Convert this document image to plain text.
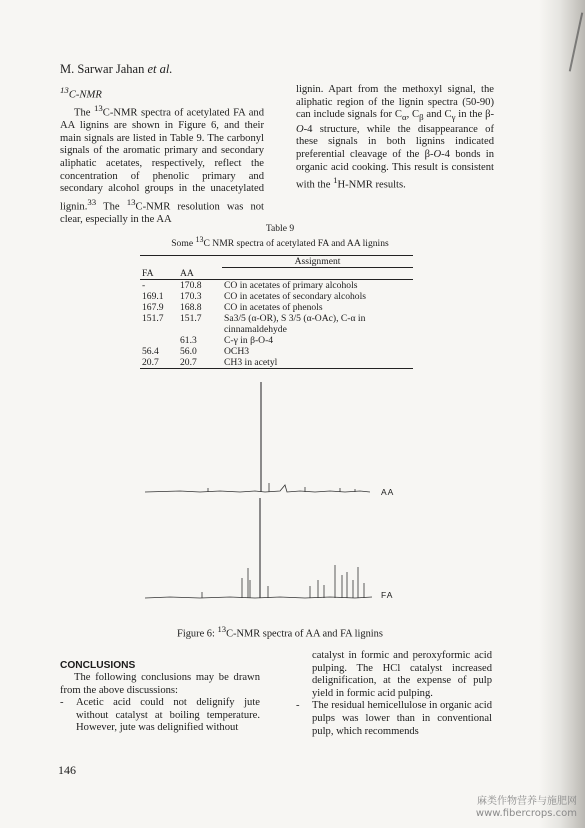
M. Sarwar Jahan et al.

$^{13}$C-NMR

The $^{13}$C-NMR spectra of acetylated FA and AA lignins are shown in Figure 6, and their main signals are listed in Table 9. The carbonyl signals of the aromatic primary and secondary aliphatic acetates, respectively, reflect the concentration of phenolic primary and secondary alcohol groups in the unacetylated lignin.$^{33}$ The $^{13}$C-NMR resolution was not clear, especially in the AA

lignin. Apart from the methoxyl signal, the aliphatic region of the lignin spectra (50-90) can include signals for $C_\alpha$, $C_\beta$ and $C_\gamma$ in the β-O-4 structure, while the disappearance of these signals in both lignins indicated preferential cleavage of the β-O-4 bonds in organic acid cooking. This result is consistent with the $^1$H-NMR results.

Table 9
Some $^{13}$C NMR spectra of acetylated FA and AA lignins
		Assignment
FA	AA	
-	170.8	CO in acetates of primary alcohols
169.1	170.3	CO in acetates of secondary alcohols
167.9	168.8	CO in acetates of phenols
151.7	151.7	Sa3/5 (α-OR), S 3/5 (α-OAc), C-α in cinnamaldehyde
	61.3	C-γ in β-O-4
56.4	56.0	OCH3
20.7	20.7	CH3 in acetyl
AA
FA
Figure 6: $^{13}$C-NMR spectra of AA and FA lignins
CONCLUSIONS

The following conclusions may be drawn from the above discussions:

-	Acetic acid could not delignify jute without catalyst at boiling temperature. However, jute was delignified without

catalyst in formic and peroxyformic acid pulping. The HCl catalyst increased delignification, at the expense of pulp yield in formic acid pulping.

-	The residual hemicellulose in organic acid pulps was lower than in conventional pulp, which recommends
146
麻类作物营养与施肥网
www.fibercrops.com
